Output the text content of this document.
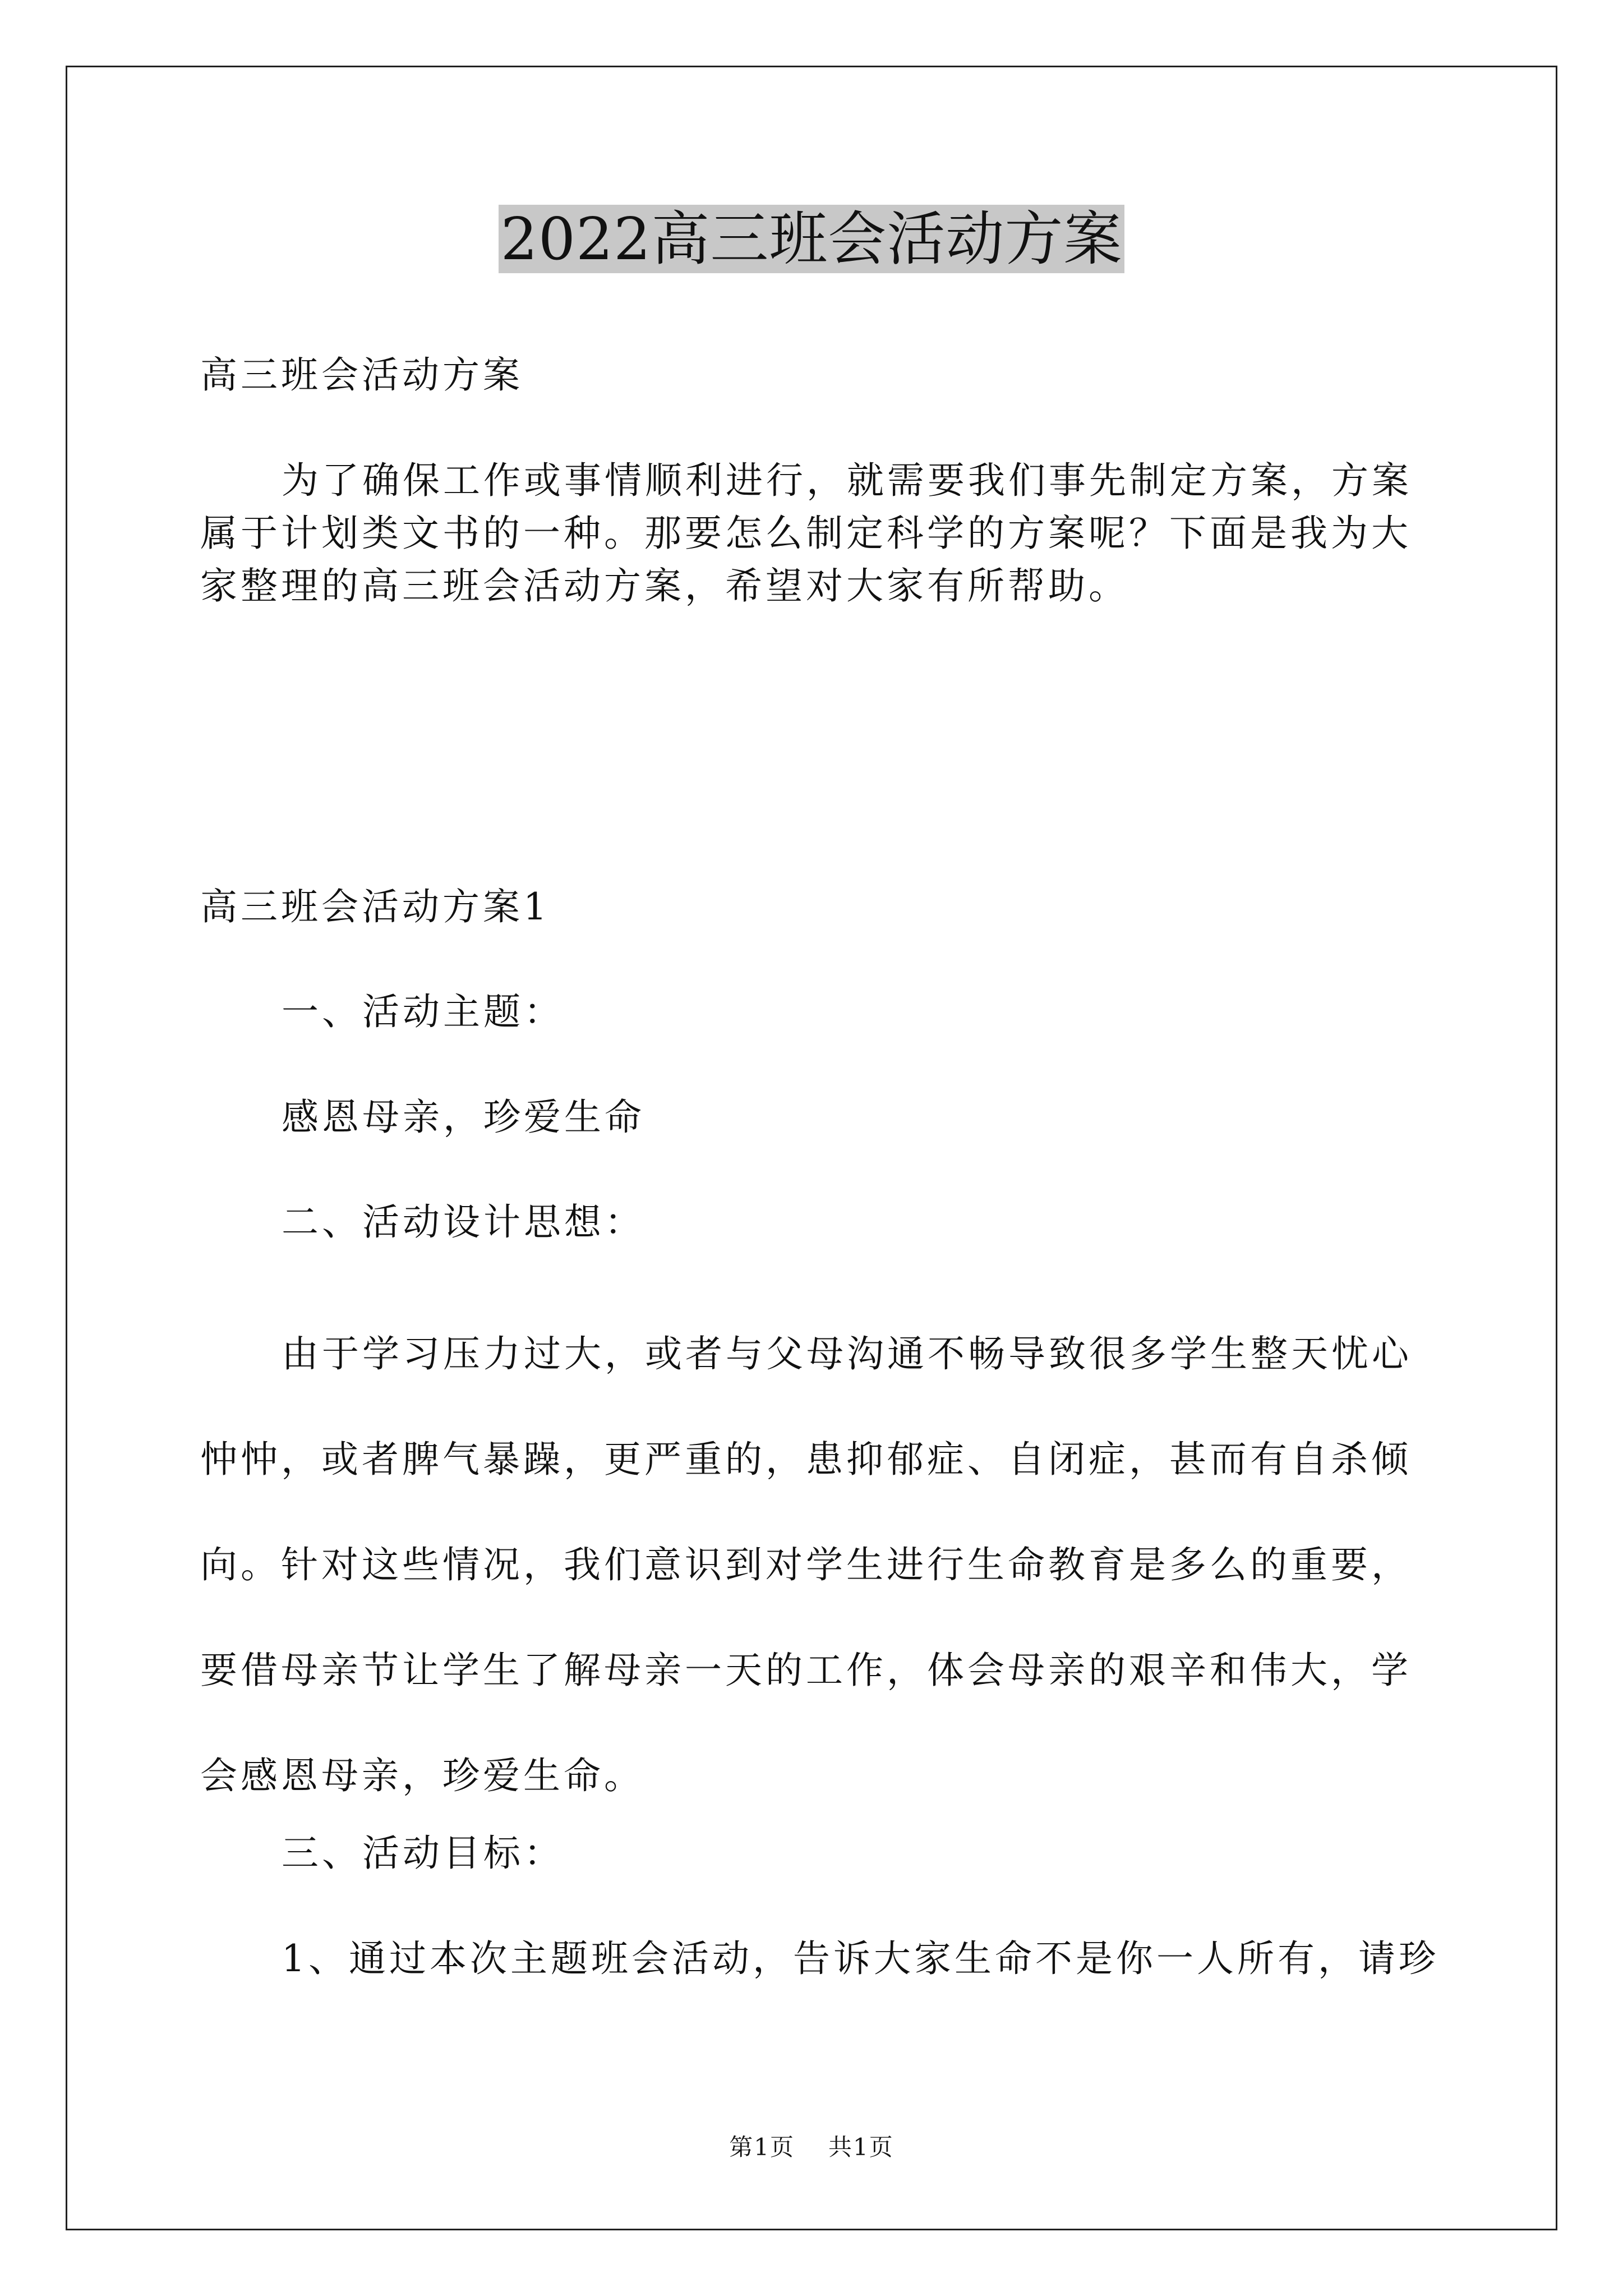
2022高三班会活动方案

高三班会活动方案

为了确保工作或事情顺利进行，就需要我们事先制定方案，方案属于计划类文书的一种。那要怎么制定科学的方案呢？下面是我为大家整理的高三班会活动方案，希望对大家有所帮助。

高三班会活动方案1

一、活动主题：

感恩母亲，珍爱生命

二、活动设计思想：

由于学习压力过大，或者与父母沟通不畅导致很多学生整天忧心忡忡，或者脾气暴躁，更严重的，患抑郁症、自闭症，甚而有自杀倾向。针对这些情况，我们意识到对学生进行生命教育是多么的重要，要借母亲节让学生了解母亲一天的工作，体会母亲的艰辛和伟大，学会感恩母亲，珍爱生命。

三、活动目标：

1、通过本次主题班会活动，告诉大家生命不是你一人所有，请珍

第1页 共1页
